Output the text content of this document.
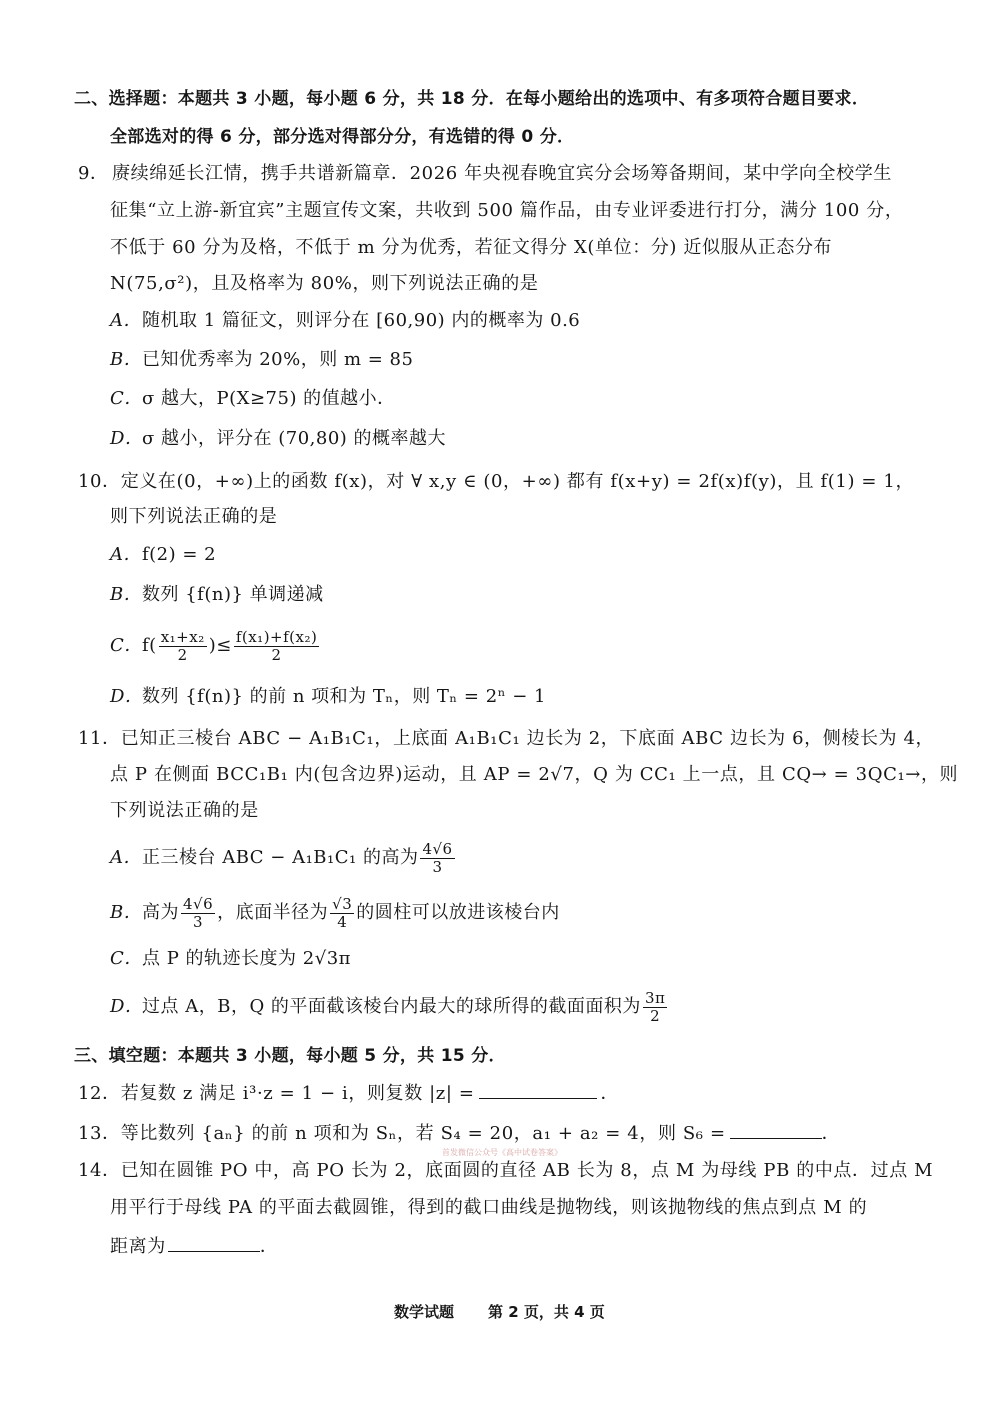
二、选择题：本题共 3 小题，每小题 6 分，共 18 分．在每小题给出的选项中、有多项符合题目要求．
全部选对的得 6 分，部分选对得部分分，有选错的得 0 分．
9． 赓续绵延长江情，携手共谱新篇章．2026 年央视春晚宜宾分会场筹备期间，某中学向全校学生
征集“立上游-新宜宾”主题宣传文案，共收到 500 篇作品，由专业评委进行打分，满分 100 分，
不低于 60 分为及格，不低于 m 分为优秀，若征文得分 X(单位：分) 近似服从正态分布
N(75,σ²)，且及格率为 80%，则下列说法正确的是
A．随机取 1 篇征文，则评分在 [60,90) 内的概率为 0.6
B．已知优秀率为 20%，则 m = 85
C．σ 越大，P(X≥75) 的值越小．
D．σ 越小，评分在 (70,80) 的概率越大
10．定义在(0，+∞)上的函数 f(x)，对 ∀ x,y ∈ (0，+∞) 都有 f(x+y) = 2f(x)f(y)，且 f(1) = 1，
则下列说法正确的是
A．f(2) = 2
B．数列 {f(n)} 单调递减
C．$f( \frac{\text{x₁+x₂}}{2}$ )≤ $\frac{\text{f(x₁)+f(x₂)}}{2}$
D．数列 {f(n)} 的前 n 项和为 Tₙ，则 Tₙ = 2ⁿ − 1
11．已知正三棱台 ABC − A₁B₁C₁，上底面 A₁B₁C₁ 边长为 2，下底面 ABC 边长为 6，侧棱长为 4，
点 P 在侧面 BCC₁B₁ 内(包含边界)运动，且 AP = 2√7，Q 为 CC₁ 上一点，且 CQ→ = 3QC₁→，则
下列说法正确的是
A．正三棱台 ABC − A₁B₁C₁ 的高为 $\frac{4√6}{3}$
B．高为 $\frac{4√6}{3}$ ，底面半径为 $\frac{√3}{4}$ 的圆柱可以放进该棱台内
C．点 P 的轨迹长度为 2√3π
D．过点 A，B，Q 的平面截该棱台内最大的球所得的截面面积为 $\frac{3\pi}{2}$
三、填空题：本题共 3 小题，每小题 5 分，共 15 分．
12．若复数 z 满足 i³·z = 1 − i，则复数 |z| =	．
13．等比数列 {aₙ} 的前 n 项和为 Sₙ，若 S₄ = 20，a₁ + a₂ = 4，则 S₆ =	．
首发微信公众号《高中试卷答案》
14．已知在圆锥 PO 中，高 PO 长为 2，底面圆的直径 AB 长为 8，点 M 为母线 PB 的中点．过点 M
用平行于母线 PA 的平面去截圆锥，得到的截口曲线是抛物线，则该抛物线的焦点到点 M 的
距离为	．
数学试题 第 2 页，共 4 页
